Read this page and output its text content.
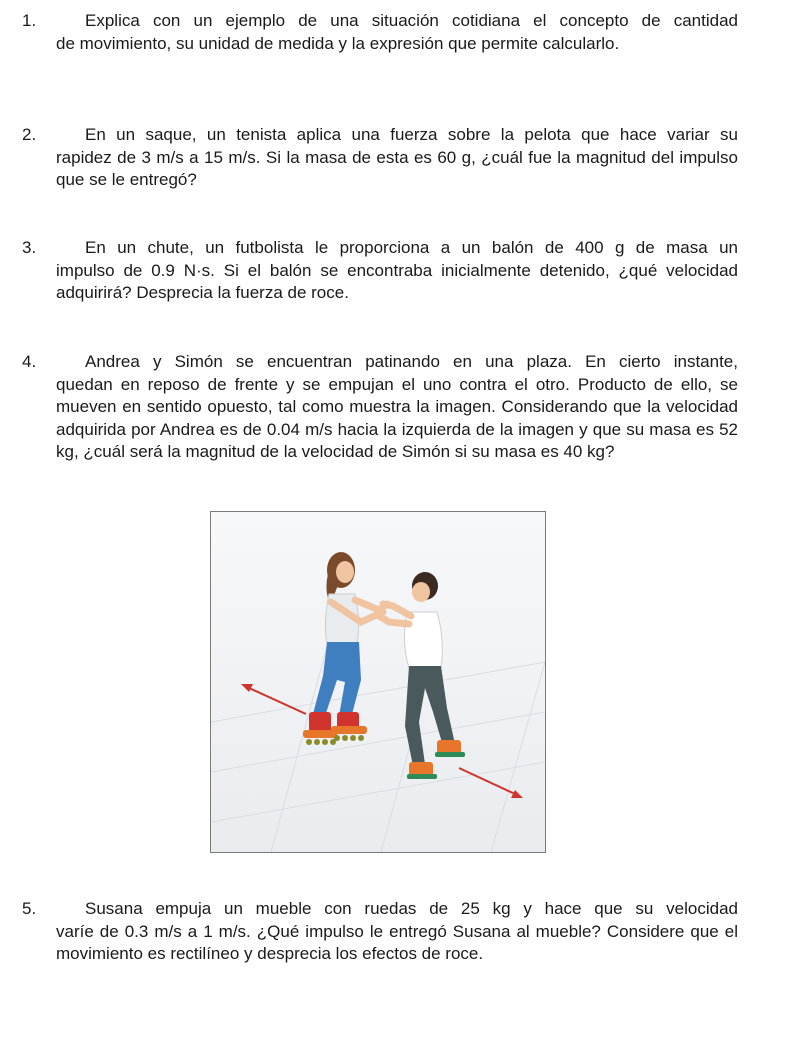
1.	Explica con un ejemplo de una situación cotidiana el concepto de cantidad
de movimiento, su unidad de medida y la expresión que permite calcularlo.
2.	En un saque, un tenista aplica una fuerza sobre la pelota que hace variar su
rapidez de 3 m/s a 15 m/s. Si la masa de esta es 60 g, ¿cuál fue la magnitud del impulso que se le entregó?
3.	En un chute, un futbolista le proporciona a un balón de 400 g de masa un
impulso de 0.9 N·s. Si el balón se encontraba inicialmente detenido, ¿qué velocidad adquirirá? Desprecia la fuerza de roce.
4.	Andrea y Simón se encuentran patinando en una plaza. En cierto instante,
quedan en reposo de frente y se empujan el uno contra el otro. Producto de ello, se mueven en sentido opuesto, tal como muestra la imagen. Considerando que la velocidad adquirida por Andrea es de 0.04 m/s hacia la izquierda de la imagen y que su masa es 52 kg, ¿cuál será la magnitud de la velocidad de Simón si su masa es 40 kg?
5.	Susana empuja un mueble con ruedas de 25 kg y hace que su velocidad
varíe de 0.3 m/s a 1 m/s. ¿Qué impulso le entregó Susana al mueble? Considere que el movimiento es rectilíneo y desprecia los efectos de roce.
